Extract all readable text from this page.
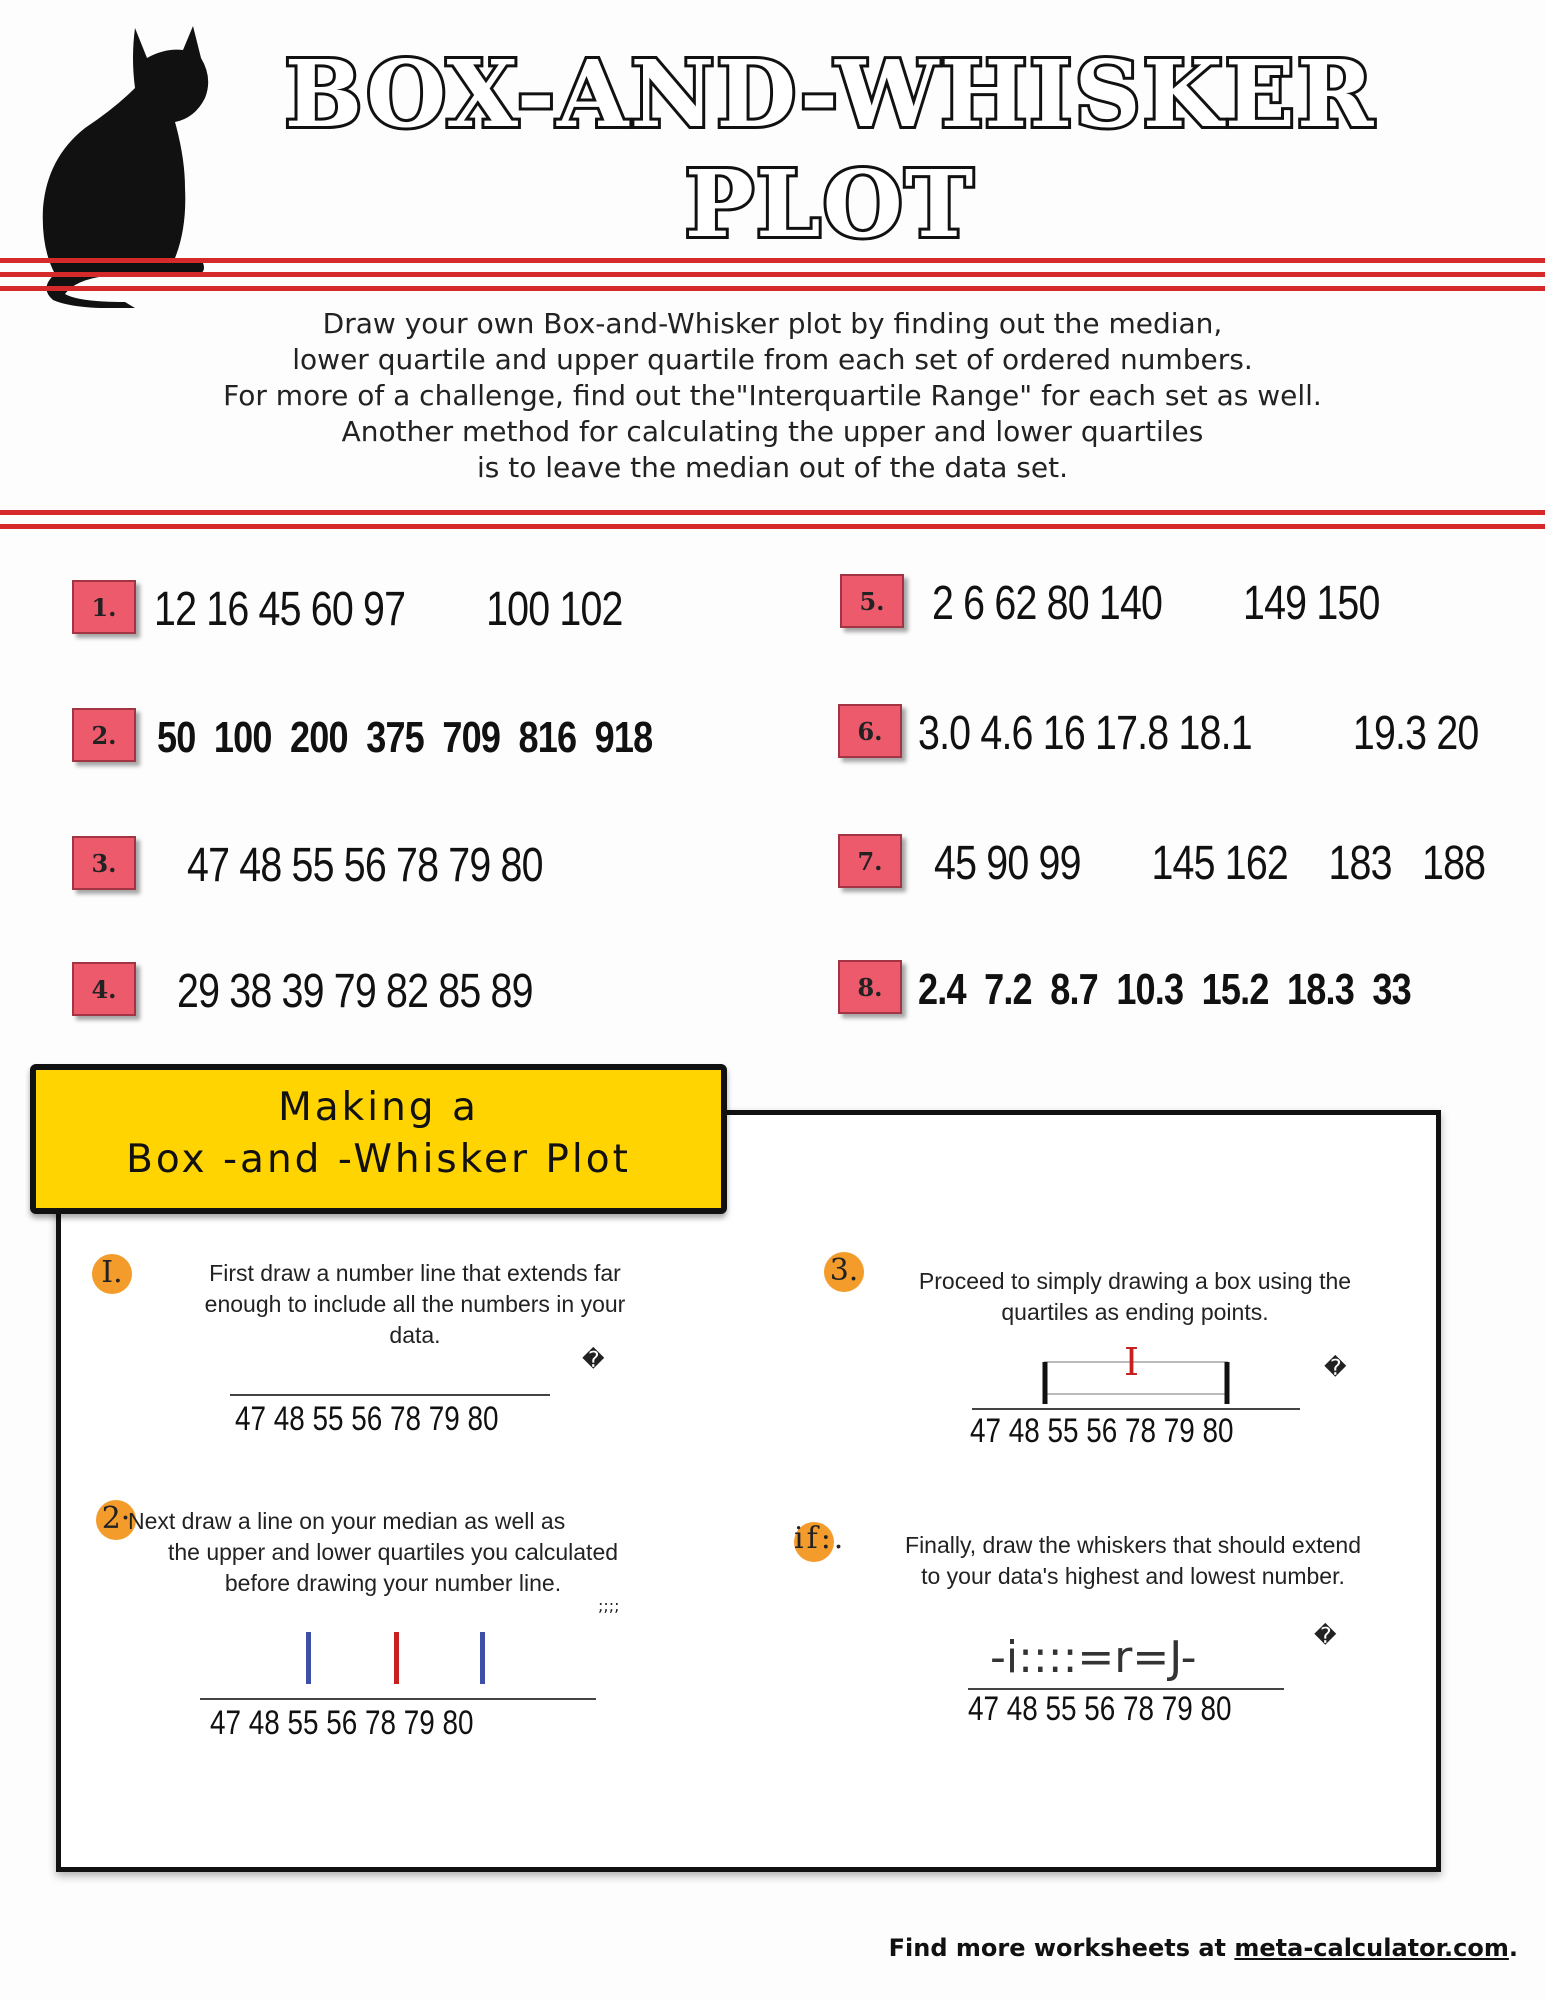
BOX-AND-WHISKER
PLOT
Draw your own Box-and-Whisker plot by finding out the median,
lower quartile and upper quartile from each set of ordered numbers.
For more of a challenge, find out the"Interquartile Range" for each set as well.
Another method for calculating the upper and lower quartiles
is to leave the median out of the data set.
1. 12 16 45 60 97        100 102
2. 50  100  200  375  709  816  918
3.	47 48 55 56 78 79 80
4.	29 38 39 79 82 85 89
5. 2 6 62 80 140        149 150
6. 3.0 4.6 16 17.8 18.1          19.3 20
7.	45 90 99       145 162    183   188
8. 2.4  7.2  8.7  10.3  15.2  18.3  33
Making a
Box -and -Whisker Plot
I.	First draw a number line that extends far
enough to include all the numbers in your
data.
�
47 48 55 56 78 79 80
2·
Next draw a line on your median as well as
the upper and lower quartiles you calculated
before drawing your number line.
;;;;
47 48 55 56 78 79 80
3.	Proceed to simply drawing a box using the
quartiles as ending points.
�
I
47 48 55 56 78 79 80
if:.	Finally, draw the whiskers that should extend
to your data's highest and lowest number.
�
-i::::=r=J-
47 48 55 56 78 79 80
Find more worksheets at meta-calculator.com.
